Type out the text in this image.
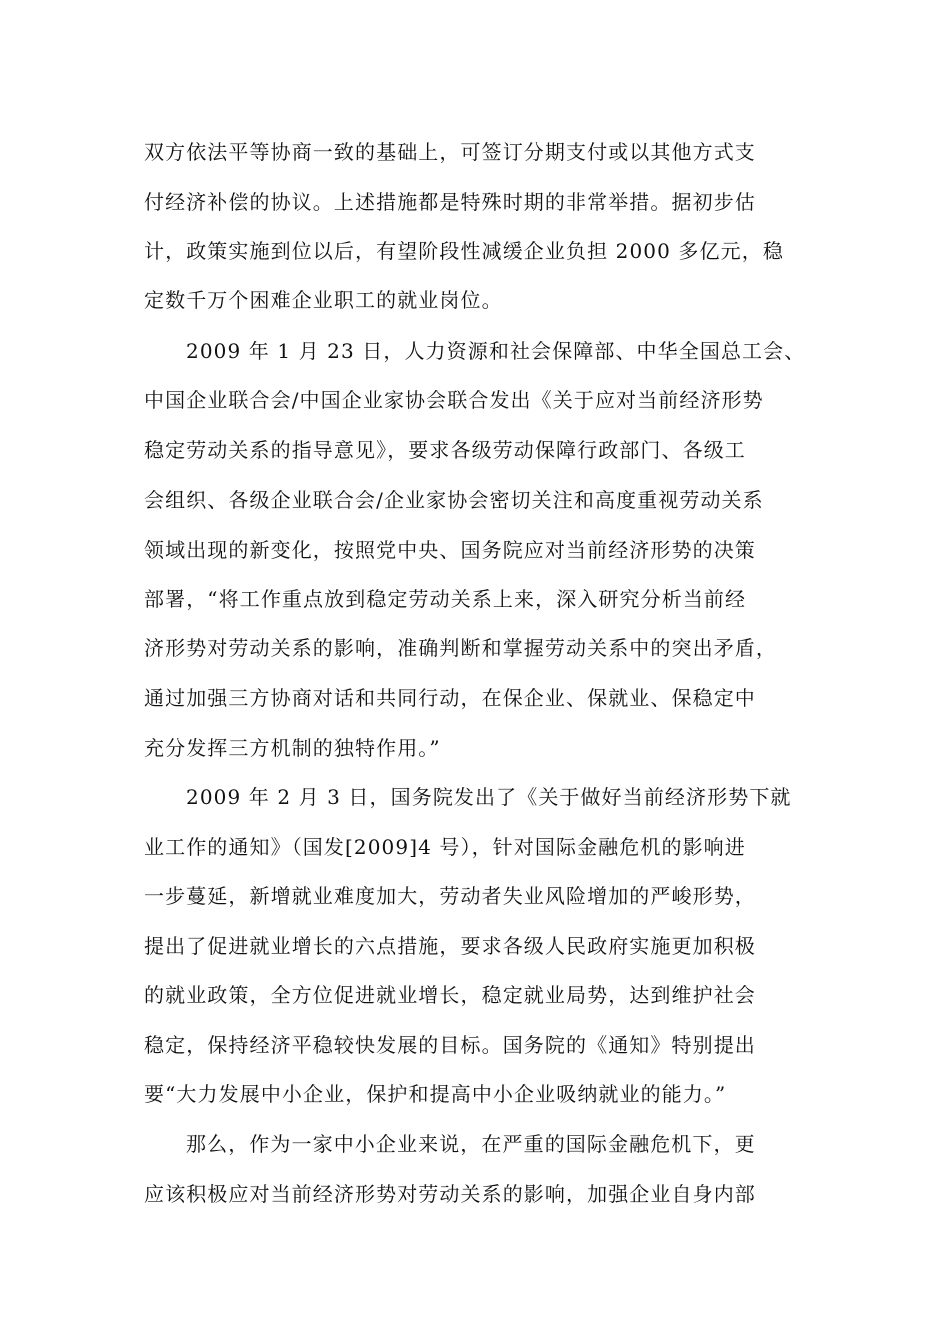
双方依法平等协商一致的基础上，可签订分期支付或以其他方式支
付经济补偿的协议。上述措施都是特殊时期的非常举措。据初步估
计，政策实施到位以后，有望阶段性减缓企业负担 2000 多亿元，稳
定数千万个困难企业职工的就业岗位。
2009 年 1 月 23 日，人力资源和社会保障部、中华全国总工会、
中国企业联合会/中国企业家协会联合发出《关于应对当前经济形势
稳定劳动关系的指导意见》，要求各级劳动保障行政部门、各级工
会组织、各级企业联合会/企业家协会密切关注和高度重视劳动关系
领域出现的新变化，按照党中央、国务院应对当前经济形势的决策
部署，“将工作重点放到稳定劳动关系上来，深入研究分析当前经
济形势对劳动关系的影响，准确判断和掌握劳动关系中的突出矛盾，
通过加强三方协商对话和共同行动，在保企业、保就业、保稳定中
充分发挥三方机制的独特作用。”
2009 年 2 月 3 日，国务院发出了《关于做好当前经济形势下就
业工作的通知》（国发[2009]4 号），针对国际金融危机的影响进
一步蔓延，新增就业难度加大，劳动者失业风险增加的严峻形势，
提出了促进就业增长的六点措施，要求各级人民政府实施更加积极
的就业政策，全方位促进就业增长，稳定就业局势，达到维护社会
稳定，保持经济平稳较快发展的目标。国务院的《通知》特别提出
要“大力发展中小企业，保护和提高中小企业吸纳就业的能力。”
那么，作为一家中小企业来说，在严重的国际金融危机下，更
应该积极应对当前经济形势对劳动关系的影响，加强企业自身内部
